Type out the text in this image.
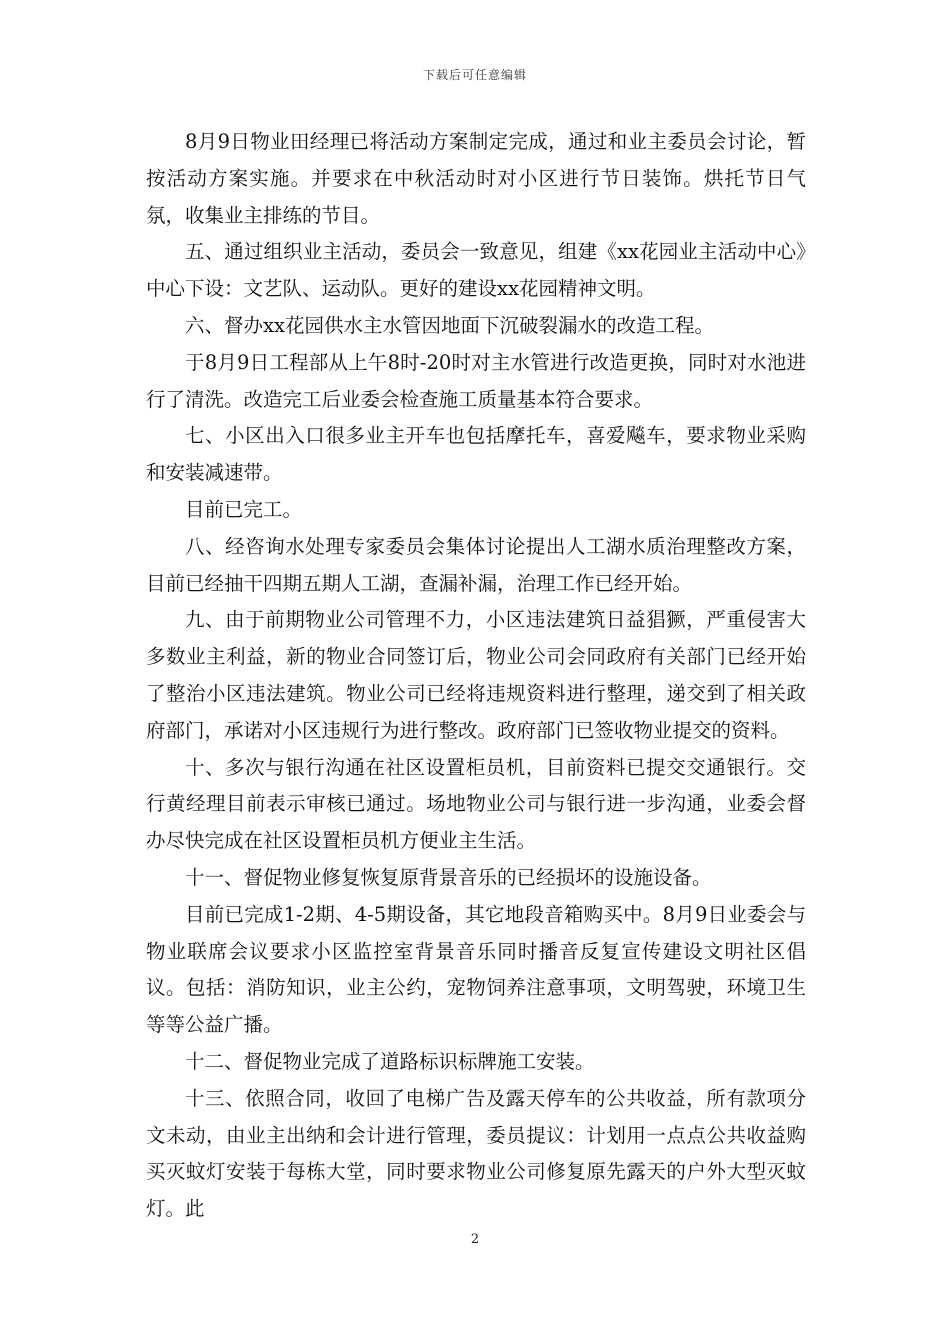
下载后可任意编辑

8月9日物业田经理已将活动方案制定完成，通过和业主委员会讨论，暂按活动方案实施。并要求在中秋活动时对小区进行节日装饰。烘托节日气氛，收集业主排练的节目。

五、通过组织业主活动，委员会一致意见，组建《xx花园业主活动中心》中心下设：文艺队、运动队。更好的建设xx花园精神文明。

六、督办xx花园供水主水管因地面下沉破裂漏水的改造工程。

于8月9日工程部从上午8时-20时对主水管进行改造更换，同时对水池进行了清洗。改造完工后业委会检查施工质量基本符合要求。

七、小区出入口很多业主开车也包括摩托车，喜爱飚车，要求物业采购和安装减速带。

目前已完工。

八、经咨询水处理专家委员会集体讨论提出人工湖水质治理整改方案，目前已经抽干四期五期人工湖，查漏补漏，治理工作已经开始。

九、由于前期物业公司管理不力，小区违法建筑日益猖獗，严重侵害大多数业主利益，新的物业合同签订后，物业公司会同政府有关部门已经开始了整治小区违法建筑。物业公司已经将违规资料进行整理，递交到了相关政府部门，承诺对小区违规行为进行整改。政府部门已签收物业提交的资料。

十、多次与银行沟通在社区设置柜员机，目前资料已提交交通银行。交行黄经理目前表示审核已通过。场地物业公司与银行进一步沟通，业委会督办尽快完成在社区设置柜员机方便业主生活。

十一、督促物业修复恢复原背景音乐的已经损坏的设施设备。

目前已完成1-2期、4-5期设备，其它地段音箱购买中。8月9日业委会与物业联席会议要求小区监控室背景音乐同时播音反复宣传建设文明社区倡议。包括：消防知识，业主公约，宠物饲养注意事项，文明驾驶，环境卫生等等公益广播。

十二、督促物业完成了道路标识标牌施工安装。

十三、依照合同，收回了电梯广告及露天停车的公共收益，所有款项分文未动，由业主出纳和会计进行管理，委员提议：计划用一点点公共收益购买灭蚊灯安装于每栋大堂，同时要求物业公司修复原先露天的户外大型灭蚊灯。此

2
